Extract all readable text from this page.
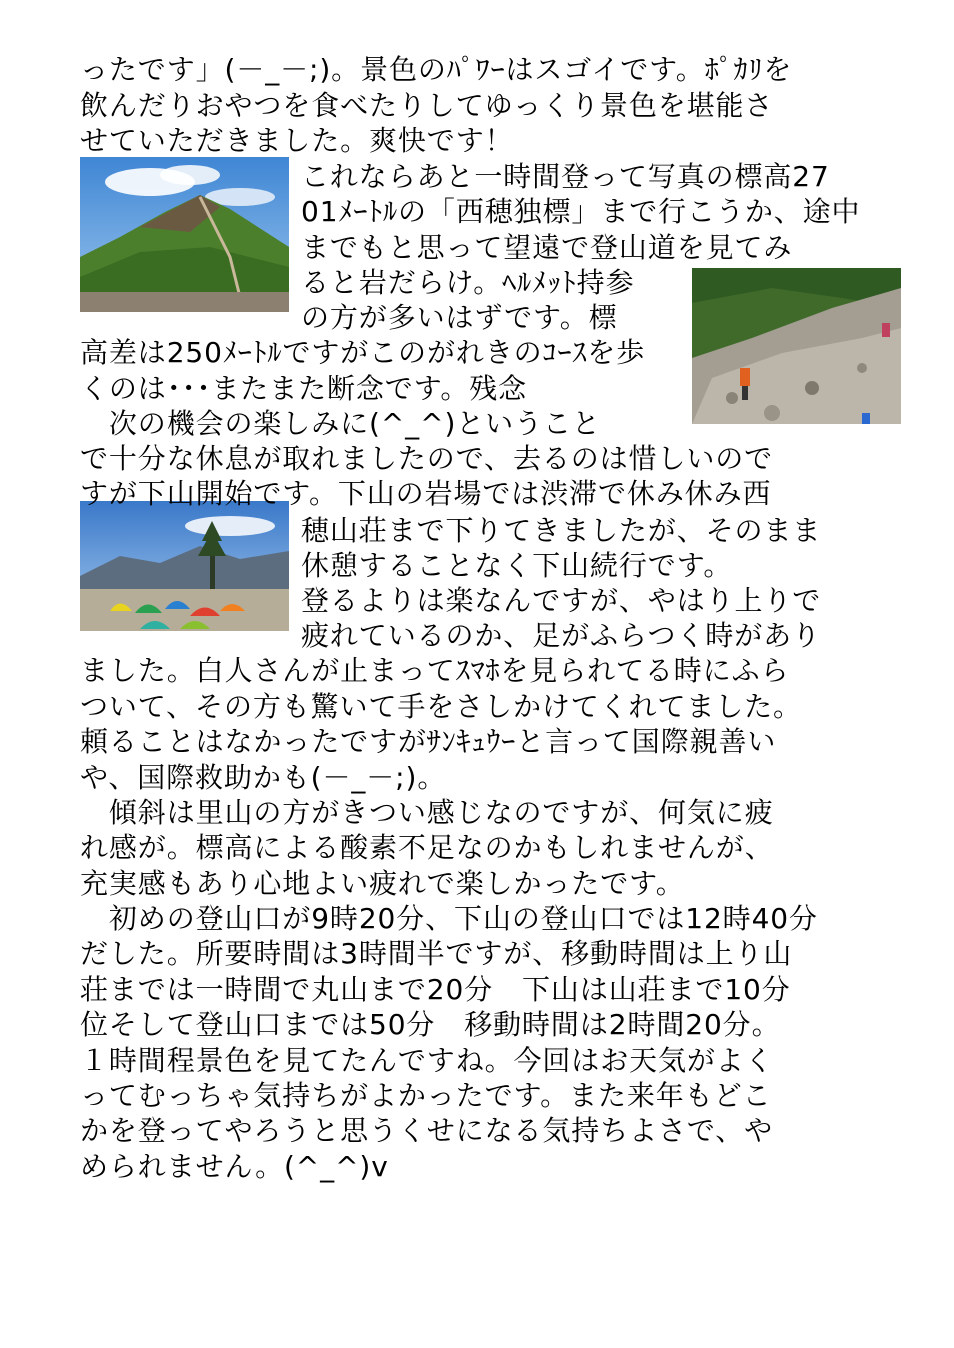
ったです」(－_－;)。景色のﾊﾟﾜｰはスゴイです。ﾎﾟｶﾘを
飲んだりおやつを食べたりしてゆっくり景色を堪能さ
せていただきました。爽快です！
これならあと一時間登って写真の標高27
01ﾒｰﾄﾙの「西穂独標」まで行こうか、途中
までもと思って望遠で登山道を見てみ
ると岩だらけ。ﾍﾙﾒｯﾄ持参
の方が多いはずです。標
高差は250ﾒｰﾄﾙですがこのがれきのｺｰｽを歩
くのは･･･またまた断念です。残念
　次の機会の楽しみに(^_^)ということ
で十分な休息が取れましたので、去るのは惜しいので
すが下山開始です。下山の岩場では渋滞で休み休み西
穂山荘まで下りてきましたが、そのまま
休憩することなく下山続行です。
登るよりは楽なんですが、やはり上りで
疲れているのか、足がふらつく時があり
ました。白人さんが止まってｽﾏﾎを見られてる時にふら
ついて、その方も驚いて手をさしかけてくれてました。
頼ることはなかったですがｻﾝｷｭｳｰと言って国際親善い
や、国際救助かも(－_－;)。
　傾斜は里山の方がきつい感じなのですが、何気に疲
れ感が。標高による酸素不足なのかもしれませんが、
充実感もあり心地よい疲れで楽しかったです。
　初めの登山口が9時20分、下山の登山口では12時40分
だした。所要時間は3時間半ですが、移動時間は上り山
荘までは一時間で丸山まで20分　下山は山荘まで10分
位そして登山口までは50分　移動時間は2時間20分。
１時間程景色を見てたんですね。今回はお天気がよく
ってむっちゃ気持ちがよかったです。また来年もどこ
かを登ってやろうと思うくせになる気持ちよさで、や
められません。(^_^)v
